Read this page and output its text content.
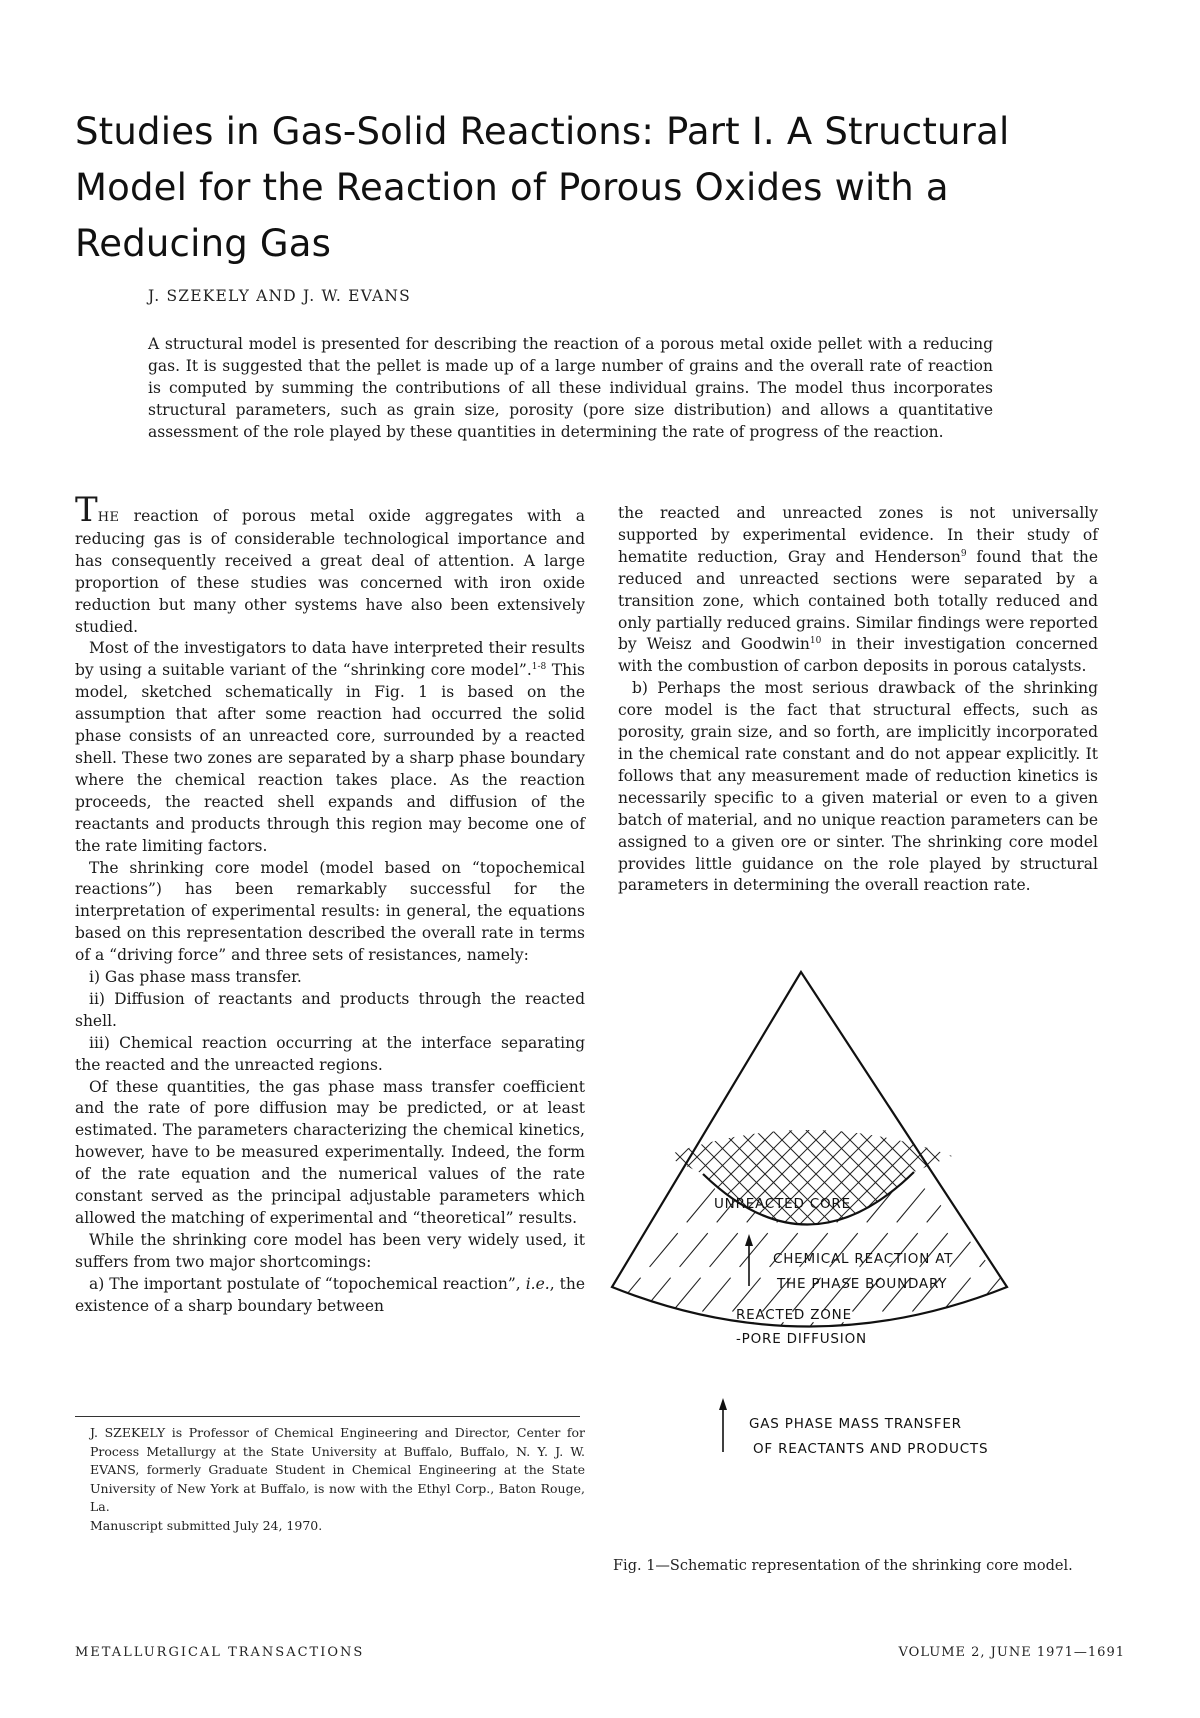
Studies in Gas-Solid Reactions: Part I. A Structural Model for the Reaction of Porous Oxides with a Reducing Gas
J. SZEKELY AND J. W. EVANS

A structural model is presented for describing the reaction of a porous metal oxide pellet with a reducing gas. It is suggested that the pellet is made up of a large number of grains and the overall rate of reaction is computed by summing the contributions of all these individual grains. The model thus incorporates structural parameters, such as grain size, porosity (pore size distribution) and allows a quantitative assessment of the role played by these quantities in determining the rate of progress of the reaction.

THE reaction of porous metal oxide aggregates with a reducing gas is of considerable technological importance and has consequently received a great deal of attention. A large proportion of these studies was concerned with iron oxide reduction but many other systems have also been extensively studied.

Most of the investigators to data have interpreted their results by using a suitable variant of the “shrinking core model”.$^{1-8}$ This model, sketched schematically in Fig. 1 is based on the assumption that after some reaction had occurred the solid phase consists of an unreacted core, surrounded by a reacted shell. These two zones are separated by a sharp phase boundary where the chemical reaction takes place. As the reaction proceeds, the reacted shell expands and diffusion of the reactants and products through this region may become one of the rate limiting factors.

The shrinking core model (model based on “topochemical reactions”) has been remarkably successful for the interpretation of experimental results: in general, the equations based on this representation described the overall rate in terms of a “driving force” and three sets of resistances, namely:

i) Gas phase mass transfer.

ii) Diffusion of reactants and products through the reacted shell.

iii) Chemical reaction occurring at the interface separating the reacted and the unreacted regions.

Of these quantities, the gas phase mass transfer coefficient and the rate of pore diffusion may be predicted, or at least estimated. The parameters characterizing the chemical kinetics, however, have to be measured experimentally. Indeed, the form of the rate equation and the numerical values of the rate constant served as the principal adjustable parameters which allowed the matching of experimental and “theoretical” results.

While the shrinking core model has been very widely used, it suffers from two major shortcomings:

a) The important postulate of “topochemical reaction”, i.e., the existence of a sharp boundary between

the reacted and unreacted zones is not universally supported by experimental evidence. In their study of hematite reduction, Gray and Henderson$^9$ found that the reduced and unreacted sections were separated by a transition zone, which contained both totally reduced and only partially reduced grains. Similar findings were reported by Weisz and Goodwin$^{10}$ in their investigation concerned with the combustion of carbon deposits in porous catalysts.

b) Perhaps the most serious drawback of the shrinking core model is the fact that structural effects, such as porosity, grain size, and so forth, are implicitly incorporated in the chemical rate constant and do not appear explicitly. It follows that any measurement made of reduction kinetics is necessarily specific to a given material or even to a given batch of material, and no unique reaction parameters can be assigned to a given ore or sinter. The shrinking core model provides little guidance on the role played by structural parameters in determining the overall reaction rate.

UNREACTED CORE
CHEMICAL REACTION AT
THE PHASE BOUNDARY
REACTED ZONE
-PORE DIFFUSION
GAS PHASE MASS TRANSFER
OF REACTANTS AND PRODUCTS
Fig. 1—Schematic representation of the shrinking core model.

J. SZEKELY is Professor of Chemical Engineering and Director, Center for Process Metallurgy at the State University at Buffalo, Buffalo, N. Y. J. W. EVANS, formerly Graduate Student in Chemical Engineering at the State University of New York at Buffalo, is now with the Ethyl Corp., Baton Rouge, La.

Manuscript submitted July 24, 1970.

METALLURGICAL TRANSACTIONS	VOLUME 2, JUNE 1971—1691
